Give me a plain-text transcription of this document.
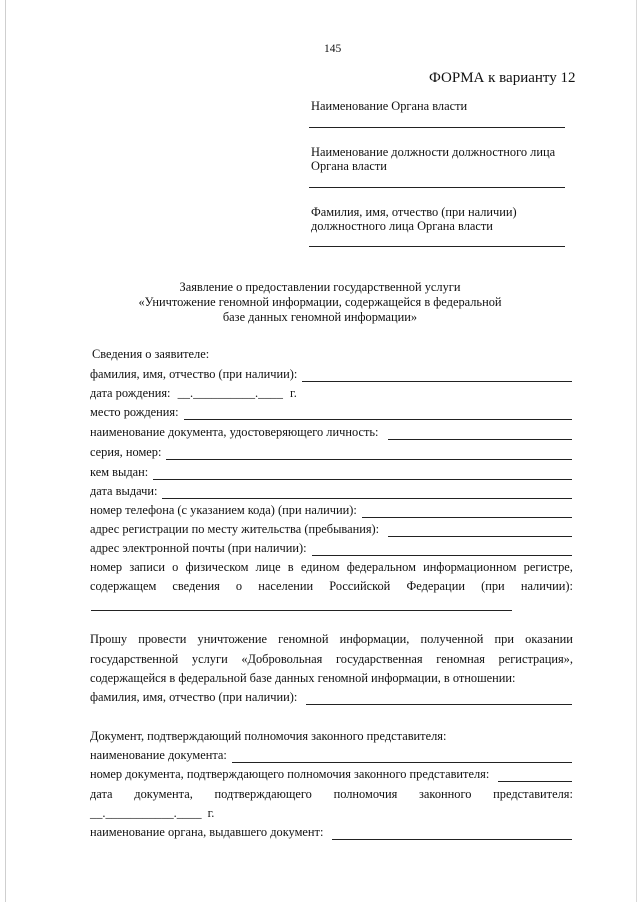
145
ФОРМА к варианту 12
Наименование Органа власти
Наименование должности должностного лица
Органа власти
Фамилия, имя, отчество (при наличии)
должностного лица Органа власти
Заявление о предоставлении государственной услуги
«Уничтожение геномной информации, содержащейся в федеральной
базе данных геномной информации»
Сведения о заявителе:
фамилия, имя, отчество (при наличии):
дата рождения: __.__________.____ г.
место рождения:
наименование документа, удостоверяющего личность:
серия, номер:
кем выдан:
дата выдачи:
номер телефона (с указанием кода) (при наличии):
адрес регистрации по месту жительства (пребывания):
адрес электронной почты (при наличии):
номер записи о физическом лице в едином федеральном информационном регистре,
содержащем сведения о населении Российской Федерации (при наличии):
Прошу провести уничтожение геномной информации, полученной при оказании
государственной услуги «Добровольная государственная геномная регистрация»,
содержащейся в федеральной базе данных геномной информации, в отношении:
фамилия, имя, отчество (при наличии):
Документ, подтверждающий полномочия законного представителя:
наименование документа:
номер документа, подтверждающего полномочия законного представителя:
дата документа, подтверждающего полномочия законного представителя:
__.___________.____ г.
наименование органа, выдавшего документ:
